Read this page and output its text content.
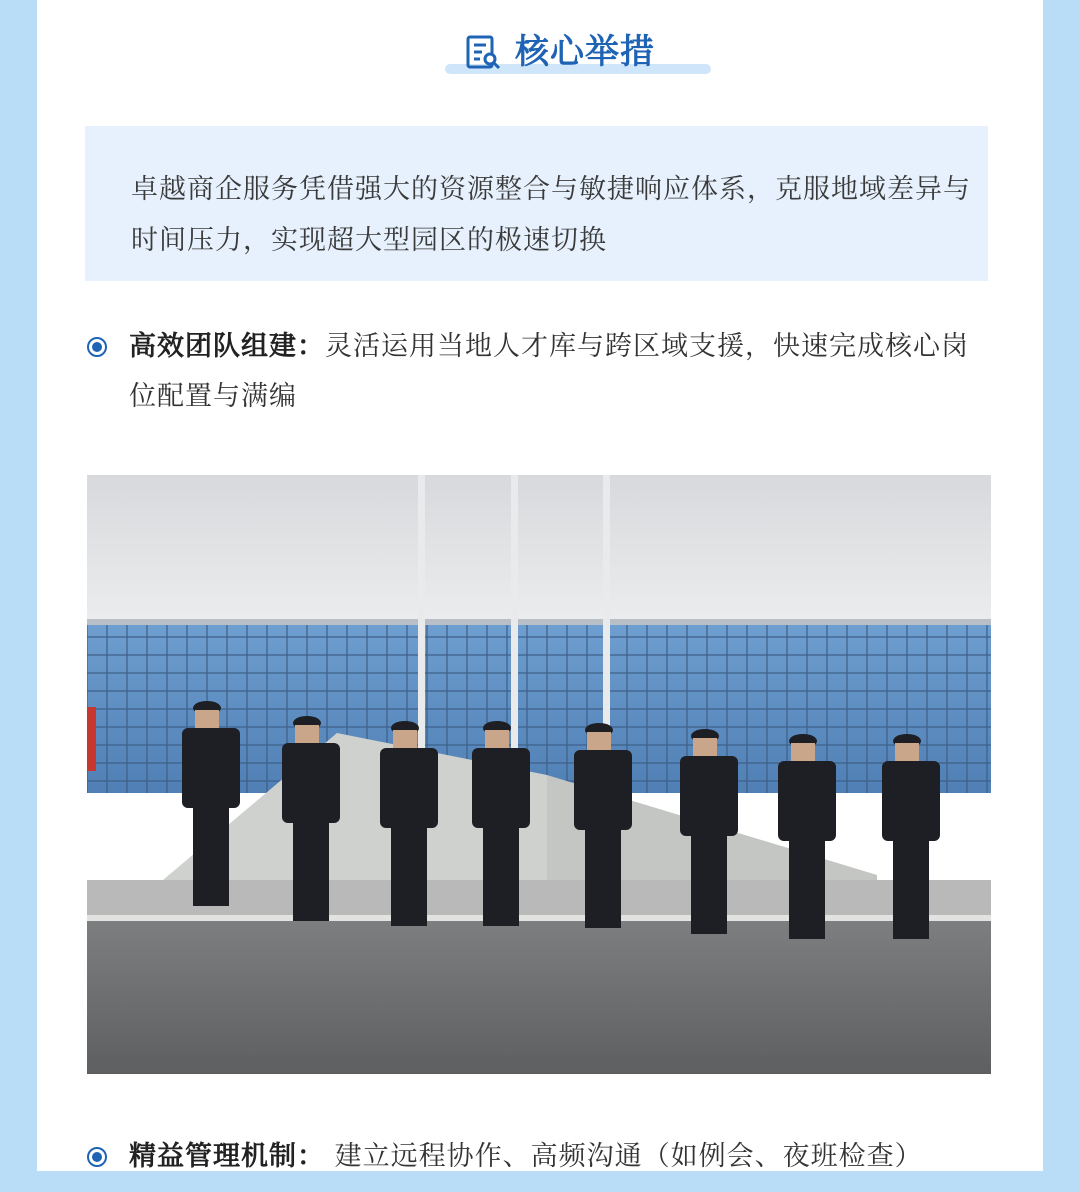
核心举措

卓越商企服务凭借强大的资源整合与敏捷响应体系，克服地域差异与时间压力，实现超大型园区的极速切换

高效团队组建：灵活运用当地人才库与跨区域支援，快速完成核心岗位配置与满编
精益管理机制： 建立远程协作、高频沟通（如例会、夜班检查）
